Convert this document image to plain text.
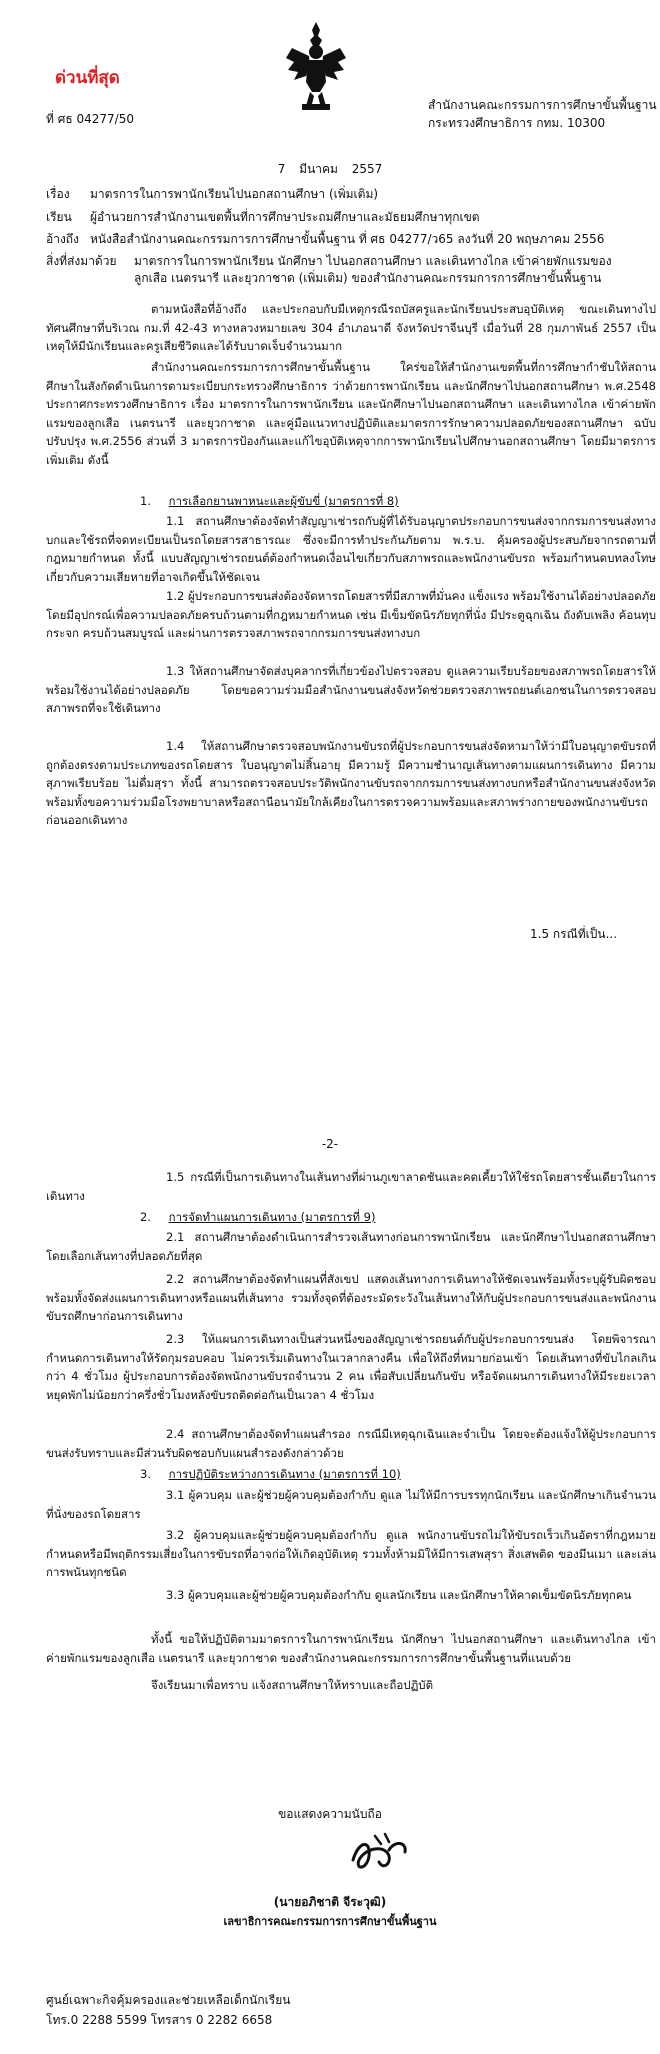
ด่วนที่สุด
ที่ ศธ 04277/50
สำนักงานคณะกรรมการการศึกษาขั้นพื้นฐาน
กระทรวงศึกษาธิการ กทม. 10300
7 มีนาคม 2557
เรื่อง มาตรการในการพานักเรียนไปนอกสถานศึกษา (เพิ่มเติม)
เรียน ผู้อำนวยการสำนักงานเขตพื้นที่การศึกษาประถมศึกษาและมัธยมศึกษาทุกเขต
อ้างถึง หนังสือสำนักงานคณะกรรมการการศึกษาขั้นพื้นฐาน ที่ ศธ 04277/ว65 ลงวันที่ 20 พฤษภาคม 2556
สิ่งที่ส่งมาด้วย มาตรการในการพานักเรียน นักศึกษา ไปนอกสถานศึกษา และเดินทางไกล เข้าค่ายพักแรมของ
ลูกเสือ เนตรนารี และยุวกาชาด (เพิ่มเติม) ของสำนักงานคณะกรรมการการศึกษาขั้นพื้นฐาน
ตามหนังสือที่อ้างถึง และประกอบกับมีเหตุกรณีรถบัสครูและนักเรียนประสบอุบัติเหตุ ขณะเดินทางไปทัศนศึกษาที่บริเวณ กม.ที่ 42-43 ทางหลวงหมายเลข 304 อำเภอนาดี จังหวัดปราจีนบุรี เมื่อวันที่ 28 กุมภาพันธ์ 2557 เป็นเหตุให้มีนักเรียนและครูเสียชีวิตและได้รับบาดเจ็บจำนวนมาก
สำนักงานคณะกรรมการการศึกษาขั้นพื้นฐาน ใคร่ขอให้สำนักงานเขตพื้นที่การศึกษากำชับให้สถานศึกษาในสังกัดดำเนินการตามระเบียบกระทรวงศึกษาธิการ ว่าด้วยการพานักเรียน และนักศึกษาไปนอกสถานศึกษา พ.ศ.2548 ประกาศกระทรวงศึกษาธิการ เรื่อง มาตรการในการพานักเรียน และนักศึกษาไปนอกสถานศึกษา และเดินทางไกล เข้าค่ายพักแรมของลูกเสือ เนตรนารี และยุวกาชาด และคู่มือแนวทางปฏิบัติและมาตรการรักษาความปลอดภัยของสถานศึกษา ฉบับปรับปรุง พ.ศ.2556 ส่วนที่ 3 มาตรการป้องกันและแก้ไขอุบัติเหตุจากการพานักเรียนไปศึกษานอกสถานศึกษา โดยมีมาตรการเพิ่มเติม ดังนี้
1. การเลือกยานพาหนะและผู้ขับขี่ (มาตรการที่ 8)
1.1 สถานศึกษาต้องจัดทำสัญญาเช่ารถกับผู้ที่ได้รับอนุญาตประกอบการขนส่งจากกรมการขนส่งทางบกและใช้รถที่จดทะเบียนเป็นรถโดยสารสาธารณะ ซึ่งจะมีการทำประกันภัยตาม พ.ร.บ. คุ้มครองผู้ประสบภัยจากรถตามที่กฎหมายกำหนด ทั้งนี้ แบบสัญญาเช่ารถยนต์ต้องกำหนดเงื่อนไขเกี่ยวกับสภาพรถและพนักงานขับรถ พร้อมกำหนดบทลงโทษเกี่ยวกับความเสียหายที่อาจเกิดขึ้นให้ชัดเจน
1.2 ผู้ประกอบการขนส่งต้องจัดหารถโดยสารที่มีสภาพที่มั่นคง แข็งแรง พร้อมใช้งานได้อย่างปลอดภัย โดยมีอุปกรณ์เพื่อความปลอดภัยครบถ้วนตามที่กฎหมายกำหนด เช่น มีเข็มขัดนิรภัยทุกที่นั่ง มีประตูฉุกเฉิน ถังดับเพลิง ค้อนทุบกระจก ครบถ้วนสมบูรณ์ และผ่านการตรวจสภาพรถจากกรมการขนส่งทางบก
1.3 ให้สถานศึกษาจัดส่งบุคลากรที่เกี่ยวข้องไปตรวจสอบ ดูแลความเรียบร้อยของสภาพรถโดยสารให้พร้อมใช้งานได้อย่างปลอดภัย โดยขอความร่วมมือสำนักงานขนส่งจังหวัดช่วยตรวจสภาพรถยนต์เอกชนในการตรวจสอบสภาพรถที่จะใช้เดินทาง
1.4 ให้สถานศึกษาตรวจสอบพนักงานขับรถที่ผู้ประกอบการขนส่งจัดหามาให้ว่ามีใบอนุญาตขับรถที่ถูกต้องตรงตามประเภทของรถโดยสาร ใบอนุญาตไม่สิ้นอายุ มีความรู้ มีความชำนาญเส้นทางตามแผนการเดินทาง มีความสุภาพเรียบร้อย ไม่ดื่มสุรา ทั้งนี้ สามารถตรวจสอบประวัติพนักงานขับรถจากกรมการขนส่งทางบกหรือสำนักงานขนส่งจังหวัด พร้อมทั้งขอความร่วมมือโรงพยาบาลหรือสถานีอนามัยใกล้เคียงในการตรวจความพร้อมและสภาพร่างกายของพนักงานขับรถก่อนออกเดินทาง
1.5 กรณีที่เป็น...
-2-
1.5 กรณีที่เป็นการเดินทางในเส้นทางที่ผ่านภูเขาลาดชันและคดเคี้ยวให้ใช้รถโดยสารชั้นเดียวในการเดินทาง
2. การจัดทำแผนการเดินทาง (มาตรการที่ 9)
2.1 สถานศึกษาต้องดำเนินการสำรวจเส้นทางก่อนการพานักเรียน และนักศึกษาไปนอกสถานศึกษา โดยเลือกเส้นทางที่ปลอดภัยที่สุด
2.2 สถานศึกษาต้องจัดทำแผนที่สังเขป แสดงเส้นทางการเดินทางให้ชัดเจนพร้อมทั้งระบุผู้รับผิดชอบ พร้อมทั้งจัดส่งแผนการเดินทางหรือแผนที่เส้นทาง รวมทั้งจุดที่ต้องระมัดระวังในเส้นทางให้กับผู้ประกอบการขนส่งและพนักงานขับรถศึกษาก่อนการเดินทาง
2.3 ให้แผนการเดินทางเป็นส่วนหนึ่งของสัญญาเช่ารถยนต์กับผู้ประกอบการขนส่ง โดยพิจารณากำหนดการเดินทางให้รัดกุมรอบคอบ ไม่ควรเริ่มเดินทางในเวลากลางคืน เพื่อให้ถึงที่หมายก่อนเข้า โดยเส้นทางที่ขับไกลเกินกว่า 4 ชั่วโมง ผู้ประกอบการต้องจัดพนักงานขับรถจำนวน 2 คน เพื่อสับเปลี่ยนกันขับ หรือจัดแผนการเดินทางให้มีระยะเวลาหยุดพักไม่น้อยกว่าครึ่งชั่วโมงหลังขับรถติดต่อกันเป็นเวลา 4 ชั่วโมง
2.4 สถานศึกษาต้องจัดทำแผนสำรอง กรณีมีเหตุฉุกเฉินและจำเป็น โดยจะต้องแจ้งให้ผู้ประกอบการขนส่งรับทราบและมีส่วนรับผิดชอบกับแผนสำรองดังกล่าวด้วย
3. การปฏิบัติระหว่างการเดินทาง (มาตรการที่ 10)
3.1 ผู้ควบคุม และผู้ช่วยผู้ควบคุมต้องกำกับ ดูแล ไม่ให้มีการบรรทุกนักเรียน และนักศึกษาเกินจำนวนที่นั่งของรถโดยสาร
3.2 ผู้ควบคุมและผู้ช่วยผู้ควบคุมต้องกำกับ ดูแล พนักงานขับรถไม่ให้ขับรถเร็วเกินอัตราที่กฎหมายกำหนดหรือมีพฤติกรรมเสี่ยงในการขับรถที่อาจก่อให้เกิดอุบัติเหตุ รวมทั้งห้ามมิให้มีการเสพสุรา สิ่งเสพติด ของมึนเมา และเล่นการพนันทุกชนิด
3.3 ผู้ควบคุมและผู้ช่วยผู้ควบคุมต้องกำกับ ดูแลนักเรียน และนักศึกษาให้คาดเข็มขัดนิรภัยทุกคน
ทั้งนี้ ขอให้ปฏิบัติตามมาตรการในการพานักเรียน นักศึกษา ไปนอกสถานศึกษา และเดินทางไกล เข้าค่ายพักแรมของลูกเสือ เนตรนารี และยุวกาชาด ของสำนักงานคณะกรรมการการศึกษาขั้นพื้นฐานที่แนบด้วย
จึงเรียนมาเพื่อทราบ แจ้งสถานศึกษาให้ทราบและถือปฏิบัติ
ขอแสดงความนับถือ
(นายอภิชาติ จีระวุฒิ)
เลขาธิการคณะกรรมการการศึกษาขั้นพื้นฐาน
ศูนย์เฉพาะกิจคุ้มครองและช่วยเหลือเด็กนักเรียน
โทร.0 2288 5599 โทรสาร 0 2282 6658
